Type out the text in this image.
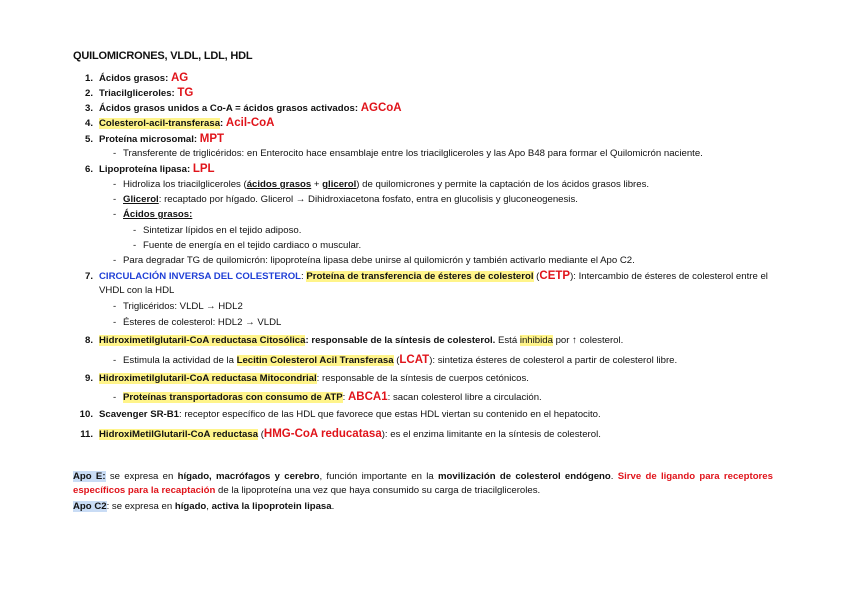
QUILOMICRONES, VLDL, LDL, HDL
1. Ácidos grasos: AG
2. Triacilgliceroles: TG
3. Ácidos grasos unidos a Co-A = ácidos grasos activados: AGCoA
4. Colesterol-acil-transferasa: Acil-CoA
5. Proteína microsomal: MPT
- Transferente de triglicéridos: en Enterocito hace ensamblaje entre los triacilgliceroles y las Apo B48 para formar el Quilomicrón naciente.
6. Lipoproteína lipasa: LPL
- Hidroliza los triacilgliceroles (ácidos grasos + glicerol) de quilomicrones y permite la captación de los ácidos grasos libres.
- Glicerol: recaptado por hígado. Glicerol → Dihidroxiacetona fosfato, entra en glucolisis y gluconeogenesis.
- Ácidos grasos:
- Sintetizar lípidos en el tejido adiposo.
- Fuente de energía en el tejido cardiaco o muscular.
- Para degradar TG de quilomicrón: lipoproteína lipasa debe unirse al quilomicrón y también activarlo mediante el Apo C2.
7. CIRCULACIÓN INVERSA DEL COLESTEROL: Proteína de transferencia de ésteres de colesterol (CETP): Intercambio de ésteres de colesterol entre el
VHDL con la HDL
- Triglicéridos: VLDL → HDL2
- Ésteres de colesterol: HDL2 → VLDL
8. Hidroximetilglutaril-CoA reductasa Citosólica: responsable de la síntesis de colesterol. Está inhibida por ↑ colesterol.
- Estimula la actividad de la Lecitin Colesterol Acil Transferasa (LCAT): sintetiza ésteres de colesterol a partir de colesterol libre.
9. Hidroximetilglutaril-CoA reductasa Mitocondrial: responsable de la síntesis de cuerpos cetónicos.
- Proteínas transportadoras con consumo de ATP: ABCA1: sacan colesterol libre a circulación.
10. Scavenger SR-B1: receptor específico de las HDL que favorece que estas HDL viertan su contenido en el hepatocito.
11. HidroxiMetilGlutaril-CoA reductasa (HMG-CoA reducatasa): es el enzima limitante en la síntesis de colesterol.
Apo E: se expresa en hígado, macrófagos y cerebro, función importante en la movilización de colesterol endógeno. Sirve de ligando para receptores específicos para la recaptación de la lipoproteína una vez que haya consumido su carga de triacilgliceroles.
Apo C2: se expresa en hígado, activa la lipoprotein lipasa.
